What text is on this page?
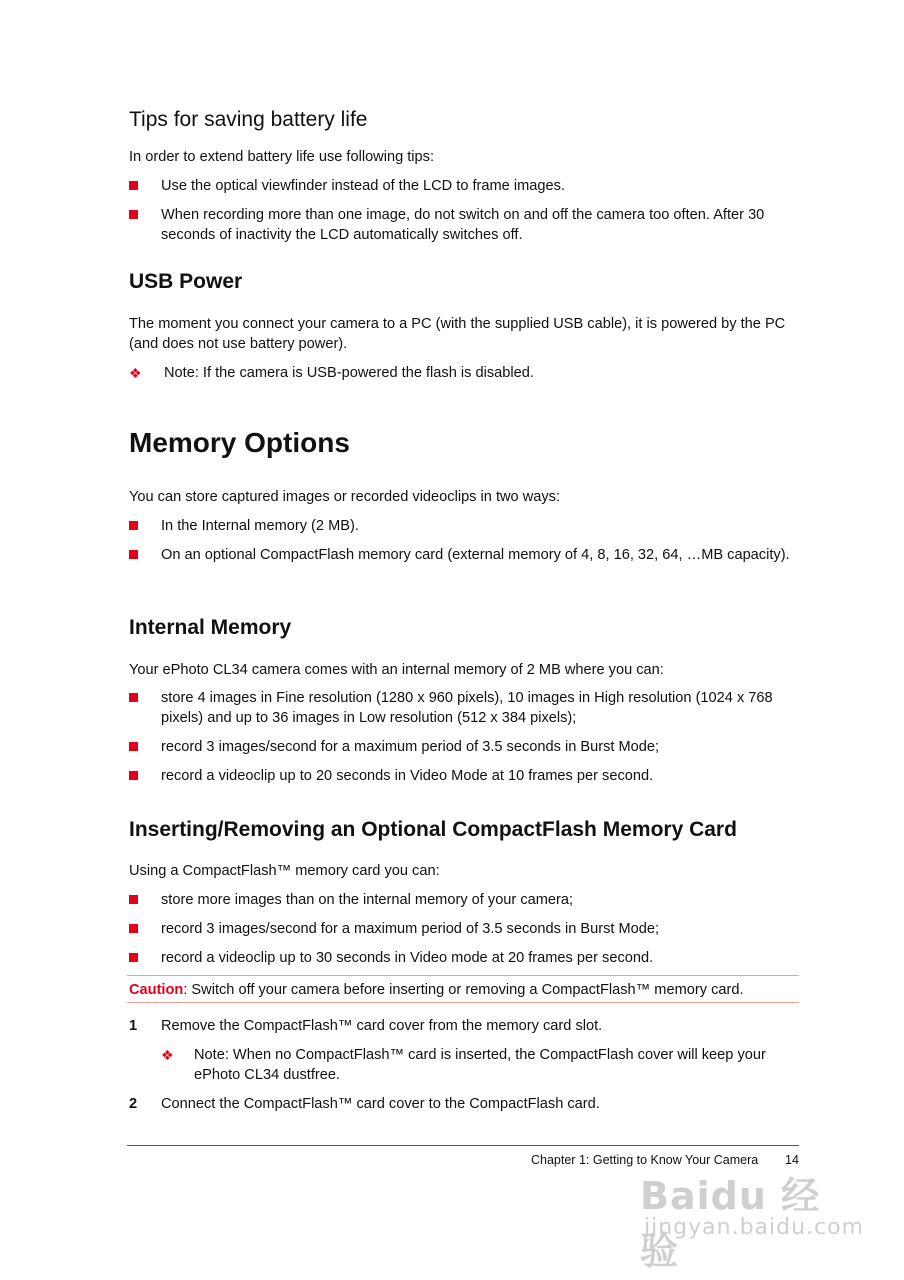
Tips for saving battery life

In order to extend battery life use following tips:

Use the optical viewfinder instead of the LCD to frame images.
When recording more than one image, do not switch on and off the camera too often. After 30 seconds of inactivity the LCD automatically switches off.
USB Power

The moment you connect your camera to a PC (with the supplied USB cable), it is powered by the PC (and does not use battery power).

❖ Note: If the camera is USB-powered the flash is disabled.
Memory Options

You can store captured images or recorded videoclips in two ways:

In the Internal memory (2 MB).
On an optional CompactFlash memory card (external memory of 4, 8, 16, 32, 64, …MB capacity).
Internal Memory

Your ePhoto CL34 camera comes with an internal memory of 2 MB where you can:

store 4 images in Fine resolution (1280 x 960 pixels), 10 images in High resolution (1024 x 768 pixels) and up to 36 images in Low resolution (512 x 384 pixels);
record 3 images/second for a maximum period of 3.5 seconds in Burst Mode;
record a videoclip up to 20 seconds in Video Mode at 10 frames per second.
Inserting/Removing an Optional CompactFlash Memory Card

Using a CompactFlash™ memory card you can:

store more images than on the internal memory of your camera;
record 3 images/second for a maximum period of 3.5 seconds in Burst Mode;
record a videoclip up to 30 seconds in Video mode at 20 frames per second.
Caution: Switch off your camera before inserting or removing a CompactFlash™ memory card.
1 Remove the CompactFlash™ card cover from the memory card slot.
❖ Note: When no CompactFlash™ card is inserted, the CompactFlash cover will keep your ePhoto CL34 dustfree.
2 Connect the CompactFlash™ card cover to the CompactFlash card.
Chapter 1: Getting to Know Your Camera 14
Baidu 经验
jingyan.baidu.com
